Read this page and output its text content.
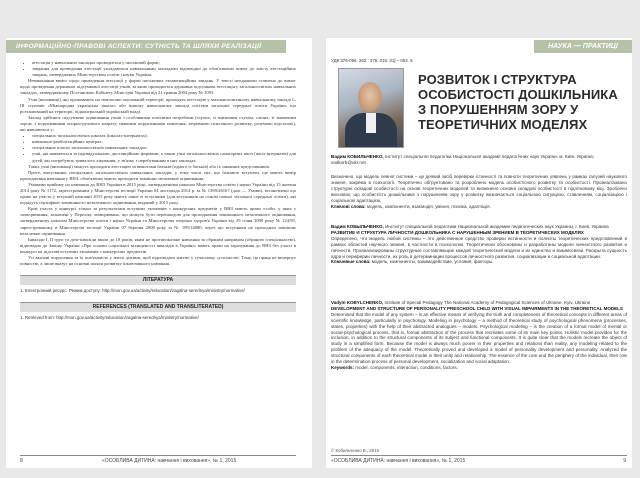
• атестація у навчальних закладах проводиться у письмовій формі;
• завдання для проведення атестації укладаються навчальними закладами відповідно до обов'язкових вимог до змісту атестаційних завдань, затверджених Міністерством освіти і науки України.

Невиконання вимог щодо проведення атестації у формі письмових екзаменаційних завдань. У тексті неоднаково ставлено до вимог щодо проведення державної підсумкової атестації учнів, за якою проводиться державна підсумкова атестація у загальноосвітніх навчальних закладах, затвердженому Постановою Кабінету Міністрів України від 21 травня 2004 року № 1093.

Учні (вихованці), які проживають на тимчасово окупованій території, проходять атестацію у загальноосвітньому навчальному закладі І–ІІІ ступенів «Міжнародна українська школа» або іншому навчальному закладі системи загальної середньої освіти України, що розташований на території, підконтрольній українській владі.

Заклад здійснює підсумкове оцінювання учнів з особливими освітніми потребами (глухих, зі зниженим слухом, сліпих, зі зниженим зором, з порушеннями опорно-рухового апарату, тяжкими порушеннями мовлення, затримкою психічного розвитку, розумово відсталих), які навчаються у:

• спеціальних загальноосвітніх школах (школах-інтернатах);
• навчально-реабілітаційних центрах;
• спеціальних класах загальноосвітніх навчальних закладах;
• учні, які навчаються за індивідуальною, дистанційною формами, а також учні загальноосвітніх санаторних шкіл (шкіл-інтернатів) для дітей, які потребують тривалого лікування, у зв'язку з перебуванням в них закладах.

Таких учні (вихованці) можуть проходити атестацію за вимогами батьків (одного із батьків) або їх законних представників.

Проте, випускники спеціальних загальноосвітніх навчальних закладів, у тому числі тих, що бажають вступати, ще мають вимір проходження навчання у ВНЗ, обов'язково мають проходити зовнішнє незалежне оцінювання.

Умовами прийому на навчання до ВНЗ України в 2015 році, затвердженими наказом Міністерства освіти і науки України від 15 жовтня 2014 року № 1172, зареєстрованим у Міністерстві юстиції України 04 листопада 2014 р. за № 1390/26167 (далі — Умови), встановлено що право на участь у вступній кампанії 2015 року мають лише ті вступники (для вступників на основі повної загальної середньої освіти), які подадуть сертифікат зовнішнього незалежного оцінювання, виданий у 2015 році.

Крім участь у конкурсі тільки за результатами вступних екзаменів з конкурсних предметів у ВНЗ мають право особи, у яких є захворювання, зазначені у Переліку захворювань, що можуть бути перешкодою для проходження зовнішнього незалежного оцінювання, затвердженому наказом Міністерства освіти і науки України та Міністерства охорони здоров'я України від 29 січня 2008 року № 124/95, зареєстрованому в Міністерстві юстиції України 07 березня 2008 року за № 189/14880, через що вступники не проходили зовнішнє незалежне оцінювання.

Інваліди І, ІІ груп та діти-інваліди віком до 18 років, яким не протипоказане навчання за обраним напрямом (обраною спеціальністю), відповідно до Закону України «Про основи соціальної захищеності інвалідів в Україні» мають право на зарахування до ВНЗ без участі в конкурсі на підставі вступних екзаменів з конкурсних предметів.

Усі вказані порушення та їх пов'язаність у житті дитини, щоб відповідати життю у сучасному суспільстві. Тому, ця праця не вичерпує повністю, а лише вказує на основні шляхи розвитку інклюзивного навчання.

ЛІТЕРАТУРА

1. Електронний ресурс. Режим доступу: http://mon.gov.ua/activity/education/zagalna-serednya/ministry/normative/

REFERENCES (TRANSLATED AND TRANSLITERATED)

1. Retrieved from: http://mon.gov.ua/activity/education/zagalna-serednya/ministry/normative/

8	«ОСОБЛИВА ДИТИНА: навчання і виховання», № 1, 2015
ІНФОРМАЦІЙНО-ПРАВОВІ АСПЕКТИ: СУТНІСТЬ ТА ШЛЯХИ РЕАЛІЗАЦІЇ
УДК 376-056. 262 : 376. 015. 31] – 053. 6
РОЗВИТОК І СТРУКТУРА ОСОБИСТОСТІ ДОШКІЛЬНИКА З ПОРУШЕННЯМ ЗОРУ У ТЕОРЕТИЧНИХ МОДЕЛЯХ
Вадим КОБИЛЬЧЕНКО, Інститут спеціальної педагогіки Національної академії педагогічних наук України, м. Київ, Україна; vadkorb@ukr.net

Визначено, що модель певної системи – це деякий засіб перевірки істинності та повноти теоретичних уявлень у рамках галузей наукового знання, зокрема в психології. Теоретично обґрунтовано та розроблено модель особистісного розвитку та особистості. Проаналізовано структурні складові особистості на основі теоретичних моделей та визначено основні складові особистості в підлітковому віці. Зроблено висновок, що особистість дошкільника з порушенням зору у розвитку визначається соціальною ситуацією, ставленням, соціалізацією і соціальною адаптацією.

Ключові слова: модель, компоненти, взаємодія, уміння, психіка, адаптація.

Вадим КОБЫЛЬЧЕНКО, Институт специальной педагогики Национальной академии педагогических наук Украины, г. Киев, Украина

РАЗВИТИЕ И СТРУКТУРА ЛИЧНОСТИ ДОШКОЛЬНИКА С НАРУШЕННЫМ ЗРЕНИЕМ В ТЕОРЕТИЧЕСКИХ МОДЕЛЯХ

Определено, что модель любой системы – это действенное средство проверки истинности и полноты теоретических представлений в рамках областей научного знания, в частности в психологии. Теоретически обоснованы и разработаны модели личностного развития и личности. Проанализированы структурные составляющие каждой теоретической модели и их единство и взаимосвязи. Раскрыта сущность ядра и периферии личности, их роль в детерминации процессов личностного развития, социализации и социальной адаптации.

Ключевые слова: модель, компоненты, взаимодействие, условия, факторы.

Vadym KOBYLCHENKO, Institute of Special Pedagogy The National Academy of Pedagogical Sciences of Ukraine, Kyiv, Ukraine

DEVELOPMENT AND STRUCTURE OF PERSONALITY PRESCHOOL CHILD WITH VISUAL IMPAIRMENTS IN THE THEORETICAL MODELS

Determined that the model of any system – is an effective means of verifying the truth and completeness of theoretical concepts in different areas of scientific knowledge, particularly in psychology. Modeling in psychology – a method of theoretical study of psychological phenomena (processes, states, properties) with the help of their abstracted analogues – models. Psychological modeling – is the creation of a formal model of mental or social-psychological process, that is, formal abstraction of the process that recreates some of its main key points. Holistic model provides for the inclusion, in addition to the structural components of its subject and functional components. It is quite clear that the models recreate the object of study in a simplified form. Because the model is always much poorer in their properties and relations than reality, any modeling related to the problem of the adequacy of the model. Theoretically proved and developed a model of personality development and personality. Analyzed the structural components of each theoretical model in their unity and relationship. The essence of the core and the periphery of the individual, their role in the determination process of personal development, socialization and social adaptation.

Keywords: model, components, interaction, conditions, factors.

© Кобильченко В., 2015
«ОСОБЛИВА ДИТИНА: навчання і виховання», № 1, 2015	9
НАУКА — ПРАКТИЦІ
